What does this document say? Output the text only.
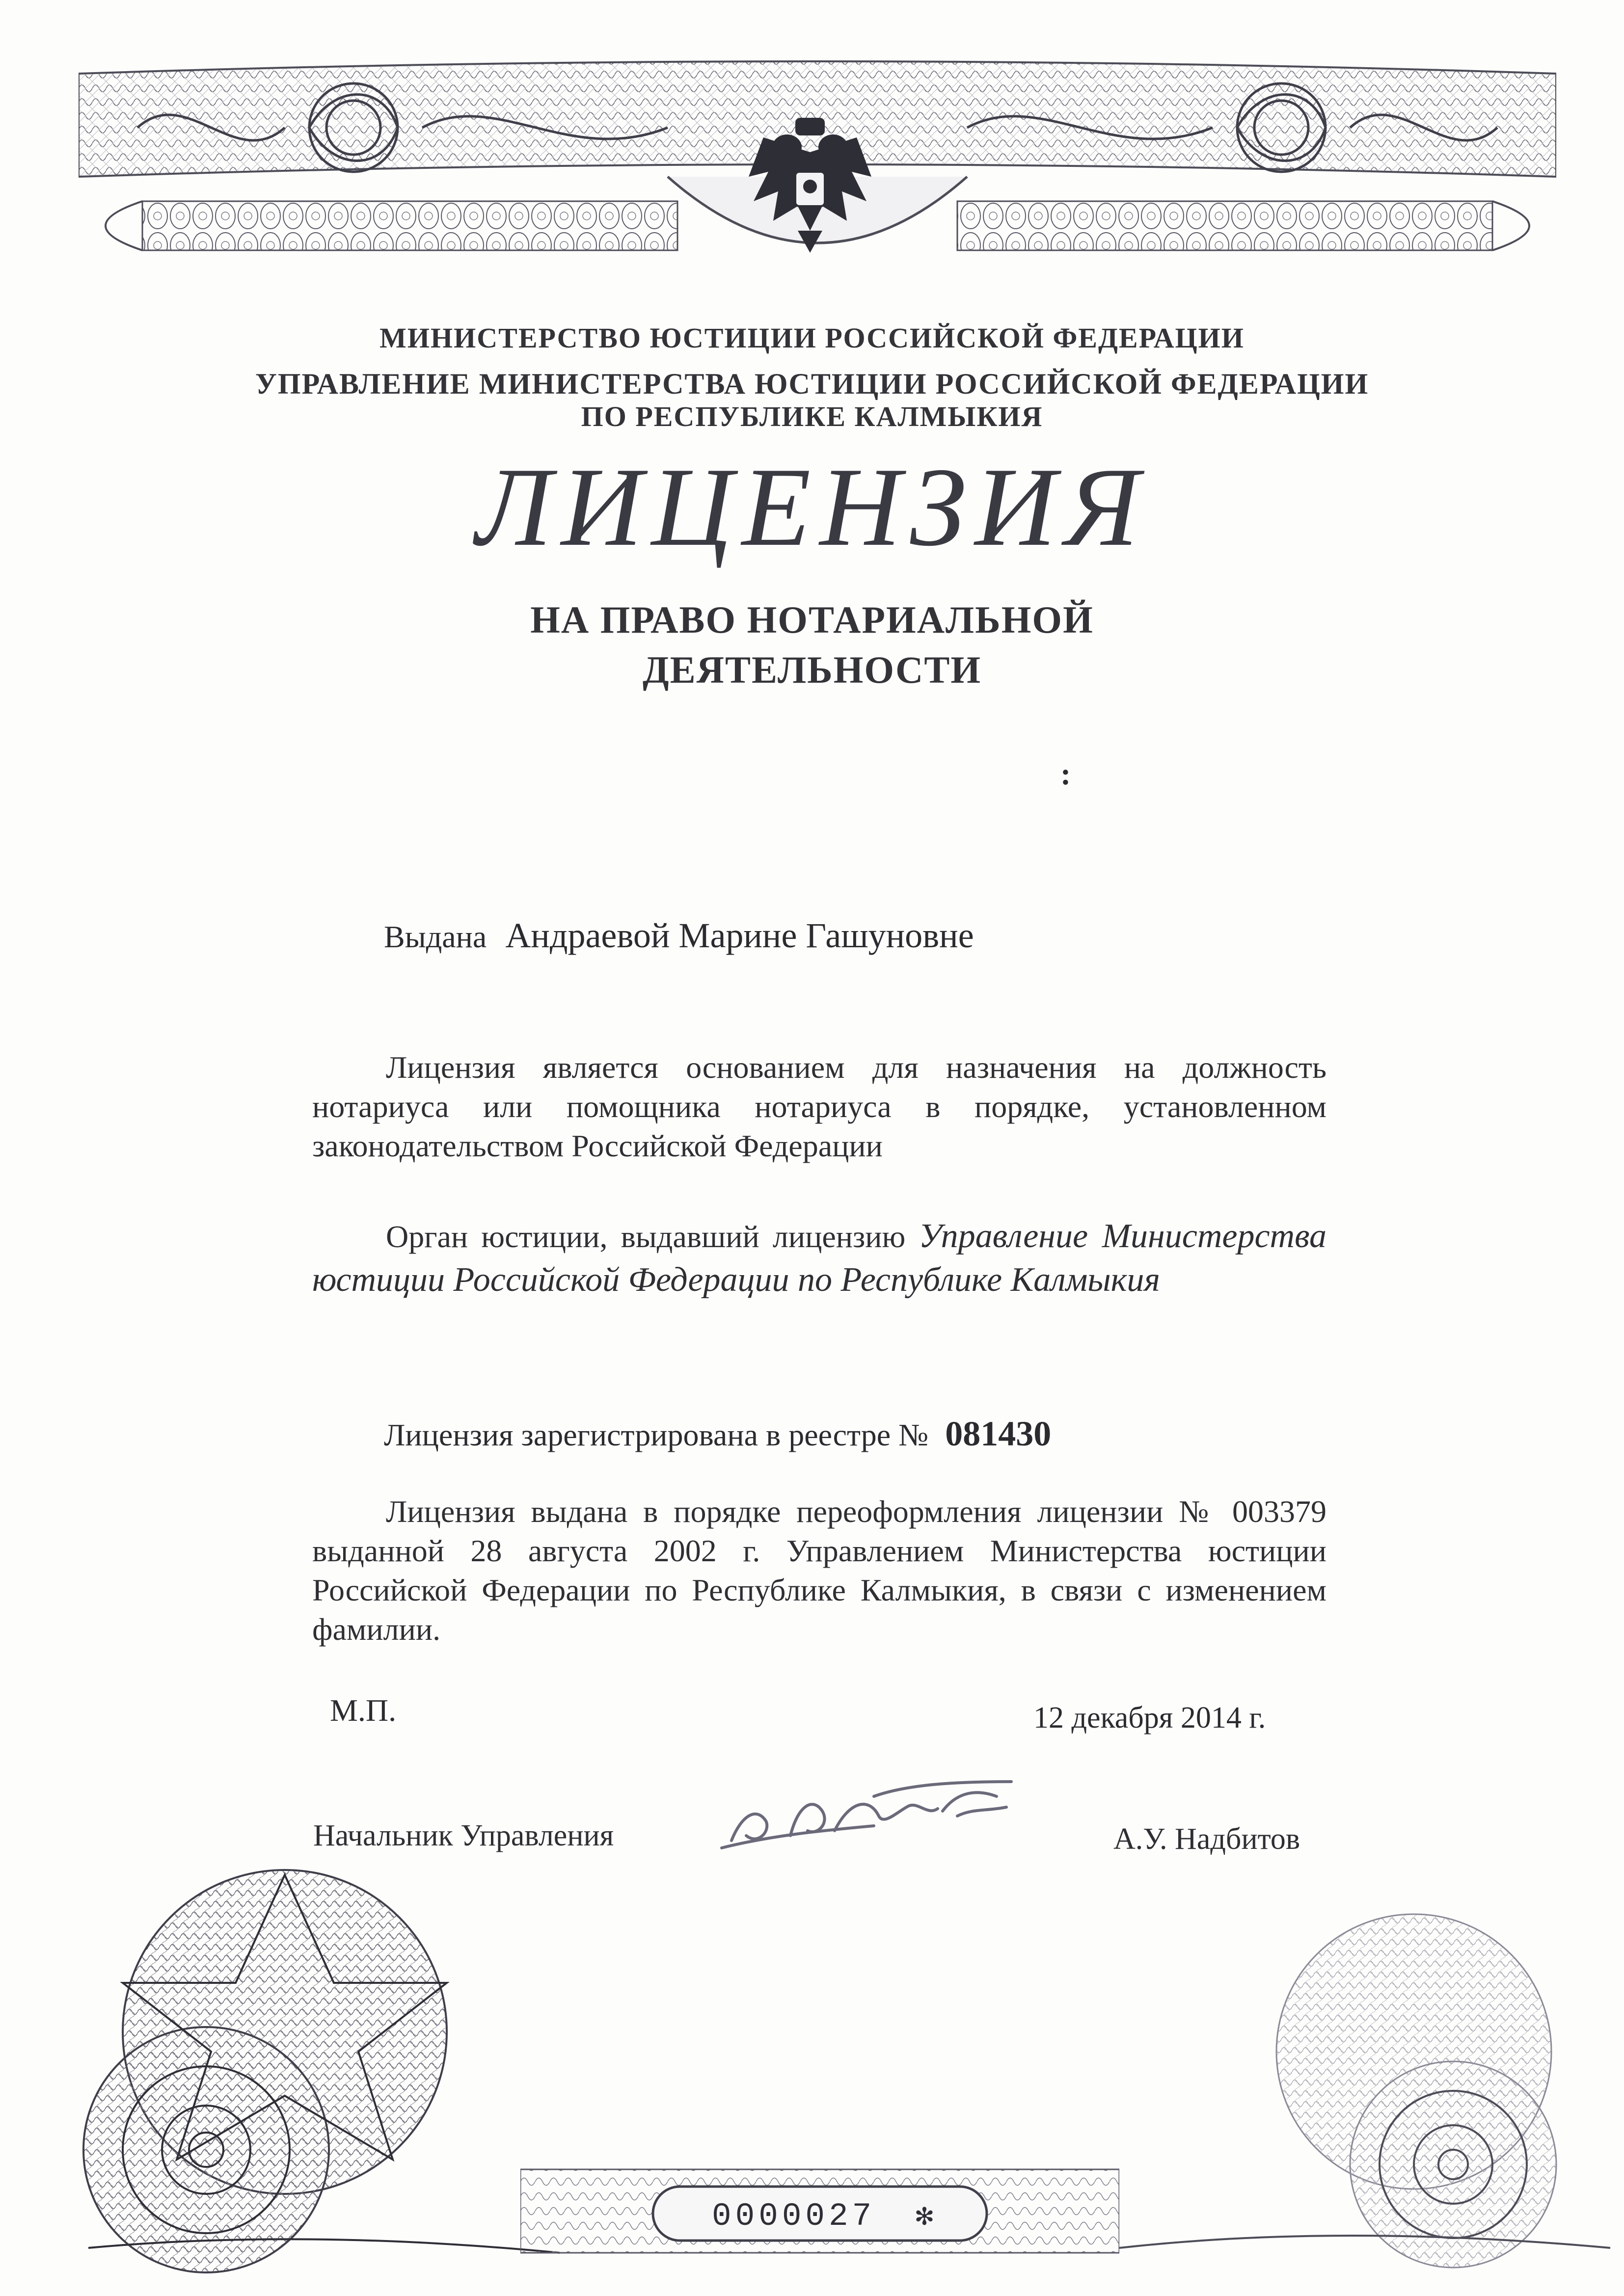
МИНИСТЕРСТВО ЮСТИЦИИ РОССИЙСКОЙ ФЕДЕРАЦИИ
УПРАВЛЕНИЕ МИНИСТЕРСТВА ЮСТИЦИИ РОССИЙСКОЙ ФЕДЕРАЦИИ
ПО РЕСПУБЛИКЕ КАЛМЫКИЯ
ЛИЦЕНЗИЯ
НА ПРАВО НОТАРИАЛЬНОЙ
ДЕЯТЕЛЬНОСТИ
:
Выдана Андраевой Марине Гашуновне
Лицензия является основанием для назначения на должность нотариуса или помощника нотариуса в порядке, установленном законодательством Российской Федерации
Орган юстиции, выдавший лицензию Управление Министерства юстиции Российской Федерации по Республике Калмыкия
Лицензия зарегистрирована в реестре № 081430
Лицензия выдана в порядке переоформления лицензии № 003379 выданной 28 августа 2002 г. Управлением Министерства юстиции Российской Федерации по Республике Калмыкия, в связи с изменением фамилии.
М.П.	12 декабря 2014 г.
Начальник Управления	А.У. Надбитов
0000027 ✻
